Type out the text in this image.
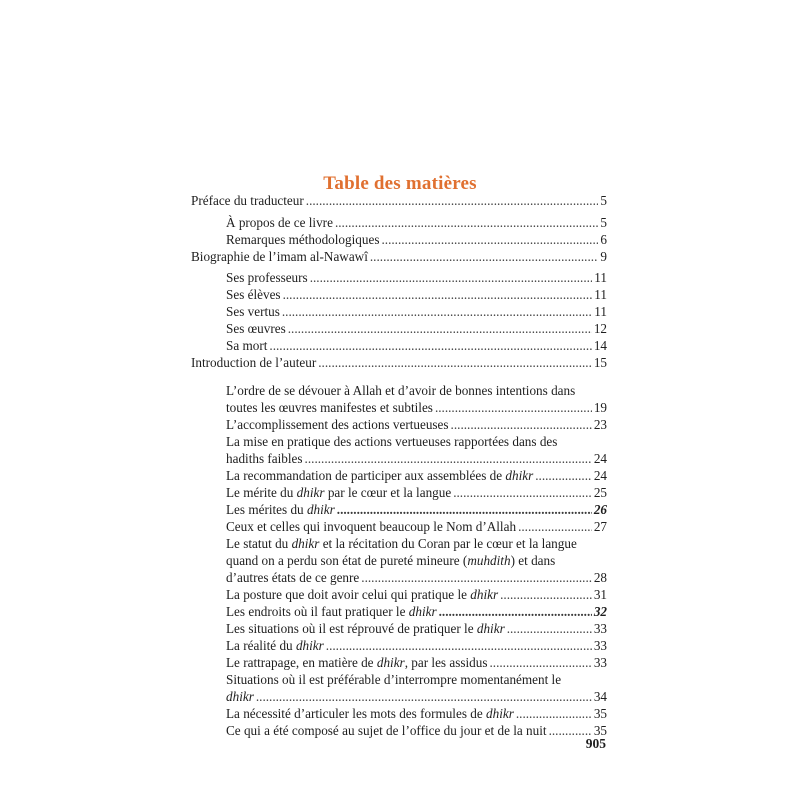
Table des matières
Préface du traducteur .....	5
À propos de ce livre .....	5
Remarques méthodologiques .....	6
Biographie de l’imam al-Nawawî .....	9
Ses professeurs .....	11
Ses élèves .....	11
Ses vertus .....	11
Ses œuvres .....	12
Sa mort .....	14
Introduction de l’auteur .....	15
L’ordre de se dévouer à Allah et d’avoir de bonnes intentions dans
toutes les œuvres manifestes et subtiles .....	19
L’accomplissement des actions vertueuses .....	23
La mise en pratique des actions vertueuses rapportées dans des
hadiths faibles .....	24
La recommandation de participer aux assemblées de dhikr .....	24
Le mérite du dhikr par le cœur et la langue .....	25
Les mérites du dhikr .....	26
Ceux et celles qui invoquent beaucoup le Nom d’Allah .....	27
Le statut du dhikr et la récitation du Coran par le cœur et la langue
quand on a perdu son état de pureté mineure (muhdith) et dans
d’autres états de ce genre .....	28
La posture que doit avoir celui qui pratique le dhikr .....	31
Les endroits où il faut pratiquer le dhikr .....	32
Les situations où il est réprouvé de pratiquer le dhikr .....	33
La réalité du dhikr .....	33
Le rattrapage, en matière de dhikr, par les assidus .....	33
Situations où il est préférable d’interrompre momentanément le
dhikr .....	34
La nécessité d’articuler les mots des formules de dhikr .....	35
Ce qui a été composé au sujet de l’office du jour et de la nuit .....	35
905
